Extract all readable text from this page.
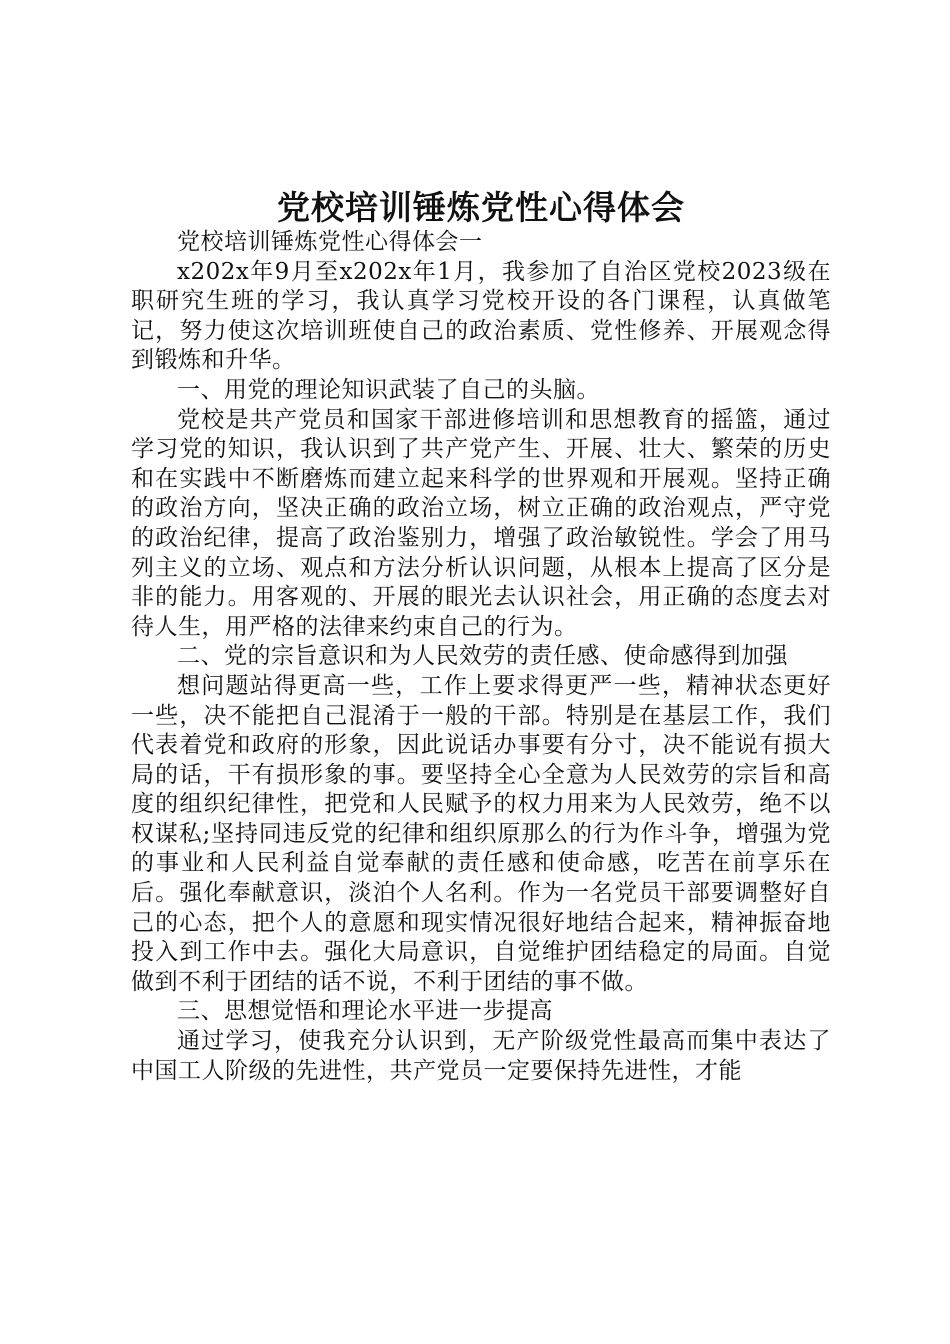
党校培训锤炼党性心得体会

党校培训锤炼党性心得体会一

x202x年9月至x202x年1月，我参加了自治区党校2023级在职研究生班的学习，我认真学习党校开设的各门课程，认真做笔记，努力使这次培训班使自己的政治素质、党性修养、开展观念得到锻炼和升华。

一、用党的理论知识武装了自己的头脑。

党校是共产党员和国家干部进修培训和思想教育的摇篮，通过学习党的知识，我认识到了共产党产生、开展、壮大、繁荣的历史和在实践中不断磨炼而建立起来科学的世界观和开展观。坚持正确的政治方向，坚决正确的政治立场，树立正确的政治观点，严守党的政治纪律，提高了政治鉴别力，增强了政治敏锐性。学会了用马列主义的立场、观点和方法分析认识问题，从根本上提高了区分是非的能力。用客观的、开展的眼光去认识社会，用正确的态度去对待人生，用严格的法律来约束自己的行为。

二、党的宗旨意识和为人民效劳的责任感、使命感得到加强

想问题站得更高一些，工作上要求得更严一些，精神状态更好一些，决不能把自己混淆于一般的干部。特别是在基层工作，我们代表着党和政府的形象，因此说话办事要有分寸，决不能说有损大局的话，干有损形象的事。要坚持全心全意为人民效劳的宗旨和高度的组织纪律性，把党和人民赋予的权力用来为人民效劳，绝不以权谋私;坚持同违反党的纪律和组织原那么的行为作斗争，增强为党的事业和人民利益自觉奉献的责任感和使命感，吃苦在前享乐在后。强化奉献意识，淡泊个人名利。作为一名党员干部要调整好自己的心态，把个人的意愿和现实情况很好地结合起来，精神振奋地投入到工作中去。强化大局意识，自觉维护团结稳定的局面。自觉做到不利于团结的话不说，不利于团结的事不做。

三、思想觉悟和理论水平进一步提高

通过学习，使我充分认识到，无产阶级党性最高而集中表达了中国工人阶级的先进性，共产党员一定要保持先进性，才能
